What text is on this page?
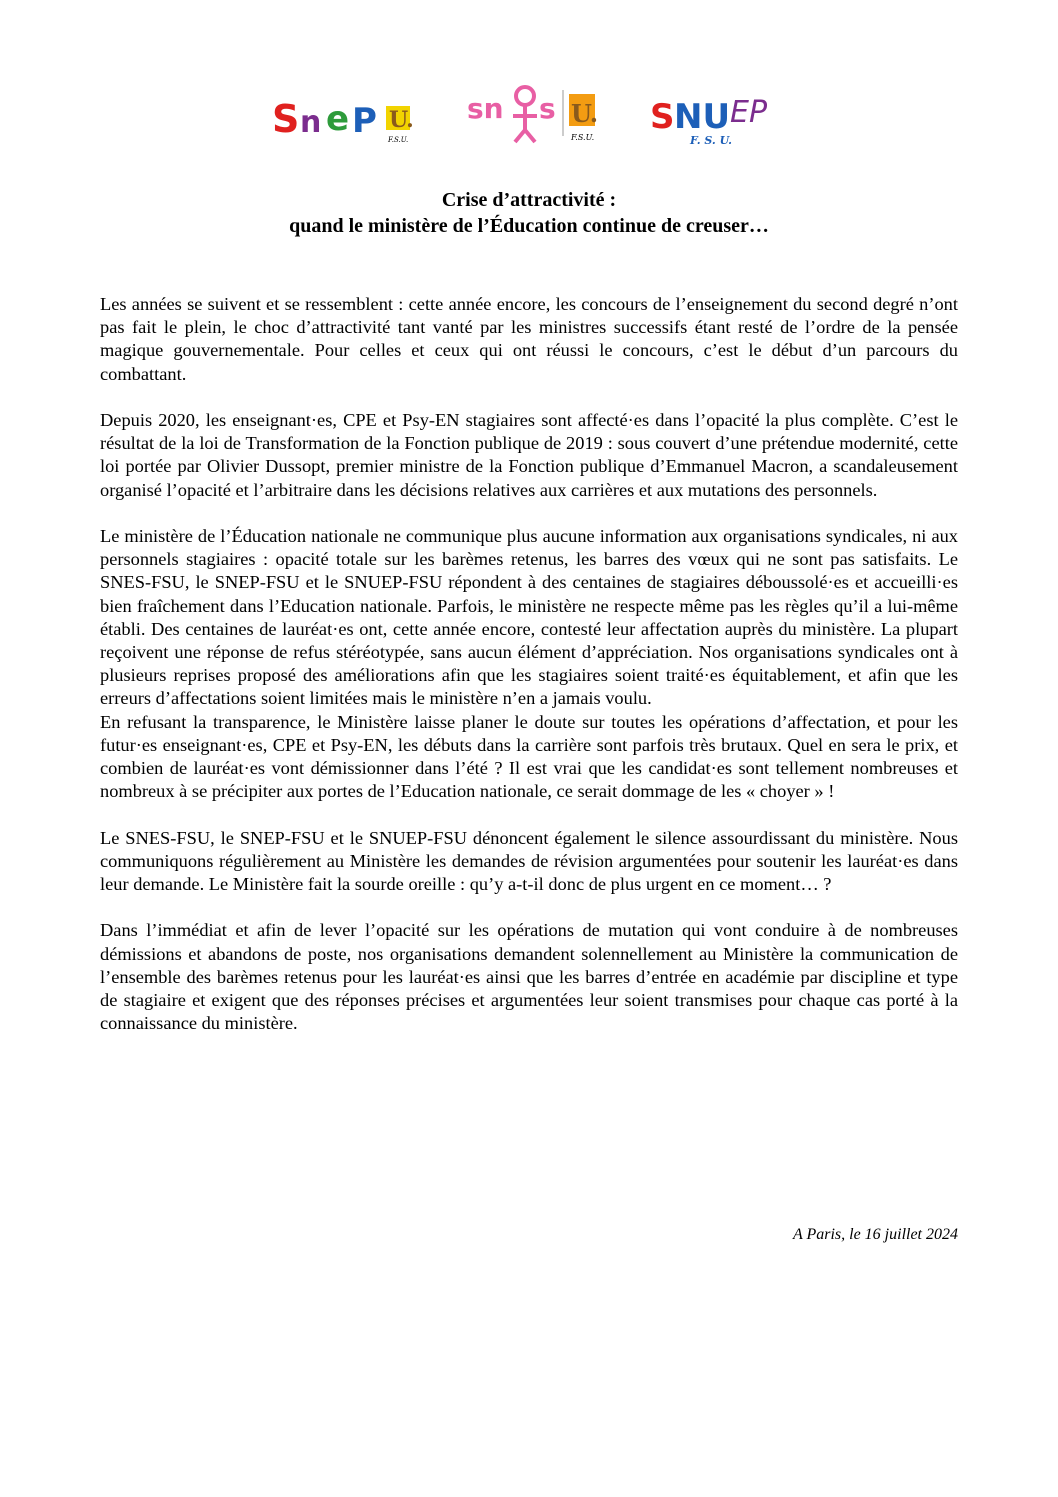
S n e P U.
F.S.U.
sn s U.
F.S.U.
S NU EP
F. S. U.
Crise d’attractivité :
quand le ministère de l’Éducation continue de creuser…

Les années se suivent et se ressemblent : cette année encore, les concours de l’enseignement du second degré n’ont pas fait le plein, le choc d’attractivité tant vanté par les ministres successifs étant resté de l’ordre de la pensée magique gouvernementale. Pour celles et ceux qui ont réussi le concours, c’est le début d’un parcours du combattant.

Depuis 2020, les enseignant·es, CPE et Psy-EN stagiaires sont affecté·es dans l’opacité la plus complète. C’est le résultat de la loi de Transformation de la Fonction publique de 2019 : sous couvert d’une prétendue modernité, cette loi portée par Olivier Dussopt, premier ministre de la Fonction publique d’Emmanuel Macron, a scandaleusement organisé l’opacité et l’arbitraire dans les décisions relatives aux carrières et aux mutations des personnels.

Le ministère de l’Éducation nationale ne communique plus aucune information aux organisations syndicales, ni aux personnels stagiaires : opacité totale sur les barèmes retenus, les barres des vœux qui ne sont pas satisfaits. Le SNES-FSU, le SNEP-FSU et le SNUEP-FSU répondent à des centaines de stagiaires déboussolé·es et accueilli·es bien fraîchement dans l’Education nationale. Parfois, le ministère ne respecte même pas les règles qu’il a lui-même établi. Des centaines de lauréat·es ont, cette année encore, contesté leur affectation auprès du ministère. La plupart reçoivent une réponse de refus stéréotypée, sans aucun élément d’appréciation. Nos organisations syndicales ont à plusieurs reprises proposé des améliorations afin que les stagiaires soient traité·es équitablement, et afin que les erreurs d’affectations soient limitées mais le ministère n’en a jamais voulu.

En refusant la transparence, le Ministère laisse planer le doute sur toutes les opérations d’affectation, et pour les futur·es enseignant·es, CPE et Psy-EN, les débuts dans la carrière sont parfois très brutaux. Quel en sera le prix, et combien de lauréat·es vont démissionner dans l’été ? Il est vrai que les candidat·es sont tellement nombreuses et nombreux à se précipiter aux portes de l’Education nationale, ce serait dommage de les « choyer » !

Le SNES-FSU, le SNEP-FSU et le SNUEP-FSU dénoncent également le silence assourdissant du ministère. Nous communiquons régulièrement au Ministère les demandes de révision argumentées pour soutenir les lauréat·es dans leur demande. Le Ministère fait la sourde oreille : qu’y a-t-il donc de plus urgent en ce moment… ?

Dans l’immédiat et afin de lever l’opacité sur les opérations de mutation qui vont conduire à de nombreuses démissions et abandons de poste, nos organisations demandent solennellement au Ministère la communication de l’ensemble des barèmes retenus pour les lauréat·es ainsi que les barres d’entrée en académie par discipline et type de stagiaire et exigent que des réponses précises et argumentées leur soient transmises pour chaque cas porté à la connaissance du ministère.

A Paris, le 16 juillet 2024
